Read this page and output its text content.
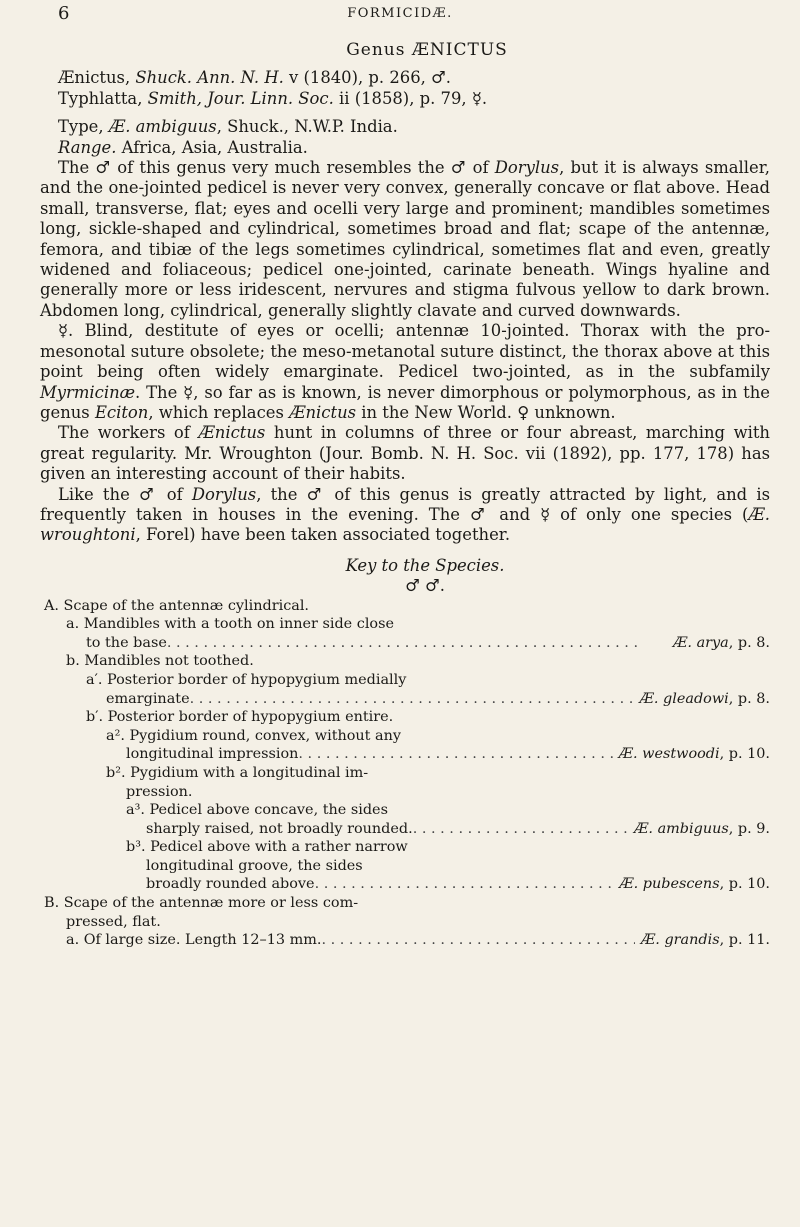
6	FORMICIDÆ.
Genus ÆNICTUS

Ænictus, Shuck. Ann. N. H. v (1840), p. 266, ♂.

Typhlatta, Smith, Jour. Linn. Soc. ii (1858), p. 79, ☿.

Type, Æ. ambiguus, Shuck., N.W.P. India.

Range. Africa, Asia, Australia.

The ♂ of this genus very much resembles the ♂ of Dorylus, but it is always smaller, and the one-jointed pedicel is never very convex, generally concave or flat above. Head small, transverse, flat; eyes and ocelli very large and prominent; mandibles sometimes long, sickle-shaped and cylindrical, sometimes broad and flat; scape of the antennæ, femora, and tibiæ of the legs sometimes cylindrical, sometimes flat and even, greatly widened and foliaceous; pedicel one-jointed, carinate beneath. Wings hyaline and generally more or less iridescent, nervures and stigma fulvous yellow to dark brown. Abdomen long, cylindrical, generally slightly clavate and curved downwards.

☿. Blind, destitute of eyes or ocelli; antennæ 10-jointed. Thorax with the pro-mesonotal suture obsolete; the meso-metanotal suture distinct, the thorax above at this point being often widely emarginate. Pedicel two-jointed, as in the subfamily Myrmicinæ. The ☿, so far as is known, is never dimorphous or polymorphous, as in the genus Eciton, which replaces Ænictus in the New World. ♀ unknown.

The workers of Ænictus hunt in columns of three or four abreast, marching with great regularity. Mr. Wroughton (Jour. Bomb. N. H. Soc. vii (1892), pp. 177, 178) has given an interesting account of their habits.

Like the ♂ of Dorylus, the ♂ of this genus is greatly attracted by light, and is frequently taken in houses in the evening. The ♂ and ☿ of only one species (Æ. wroughtoni, Forel) have been taken associated together.

Key to the Species.
♂ ♂.
A. Scape of the antennæ cylindrical.
a. Mandibles with a tooth on inner side close
to the base . . .	Æ. arya, p. 8.
b. Mandibles not toothed.
a′. Posterior border of hypopygium medially
emarginate . . .	Æ. gleadowi, p. 8.
b′. Posterior border of hypopygium entire.
a². Pygidium round, convex, without any
longitudinal impression . . .	Æ. westwoodi, p. 10.
b². Pygidium with a longitudinal im-
pression.
a³. Pedicel above concave, the sides
sharply raised, not broadly rounded. . . .	Æ. ambiguus, p. 9.
b³. Pedicel above with a rather narrow
longitudinal groove, the sides
broadly rounded above . . .	Æ. pubescens, p. 10.
B. Scape of the antennæ more or less com-
pressed, flat.
a. Of large size. Length 12–13 mm. . . .	Æ. grandis, p. 11.
